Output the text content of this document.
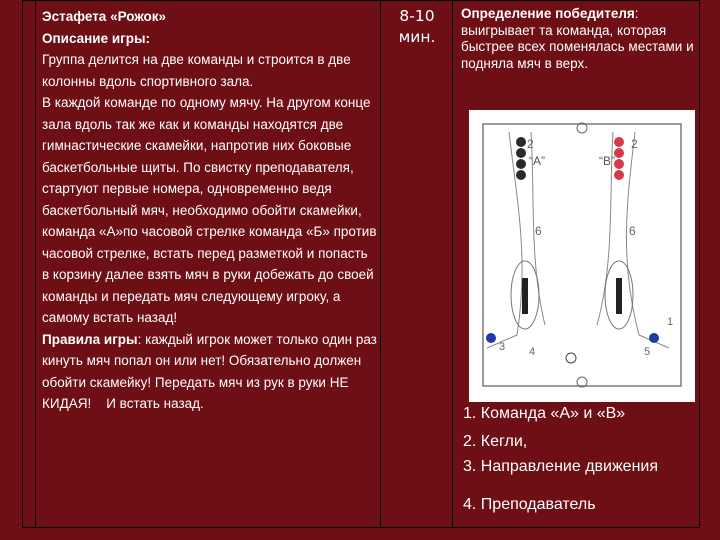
Эстафета «Рожок»

Описание игры:

Группа делится на две команды и строится в две колонны вдоль спортивного зала.

В каждой команде по одному мячу. На другом конце зала вдоль так же как и команды находятся две гимнастические скамейки, напротив них боковые баскетбольные щиты. По свистку преподавателя, стартуют первые номера, одновременно ведя баскетбольный мяч, необходимо обойти скамейки, команда «А»по часовой стрелке команда «Б» против часовой стрелке, встать перед разметкой и попасть в корзину далее взять мяч в руки добежать до своей команды и передать мяч следующему игроку, а самому встать назад!

Правила игры: каждый игрок может только один раз кинуть мяч попал он или нет! Обязательно должен обойти скамейку! Передать мяч из рук в руки НЕ КИДАЯ!    И встать назад.

8-10
мин.
Определение победителя: выигрывает та команда, которая быстрее всех поменялась местами и подняла мяч в верх.
“A”	“B”
2	2
6	6
3 4	5
1
1. Команда «А» и «В»
2. Кегли,
3. Направление движения
4. Преподаватель
